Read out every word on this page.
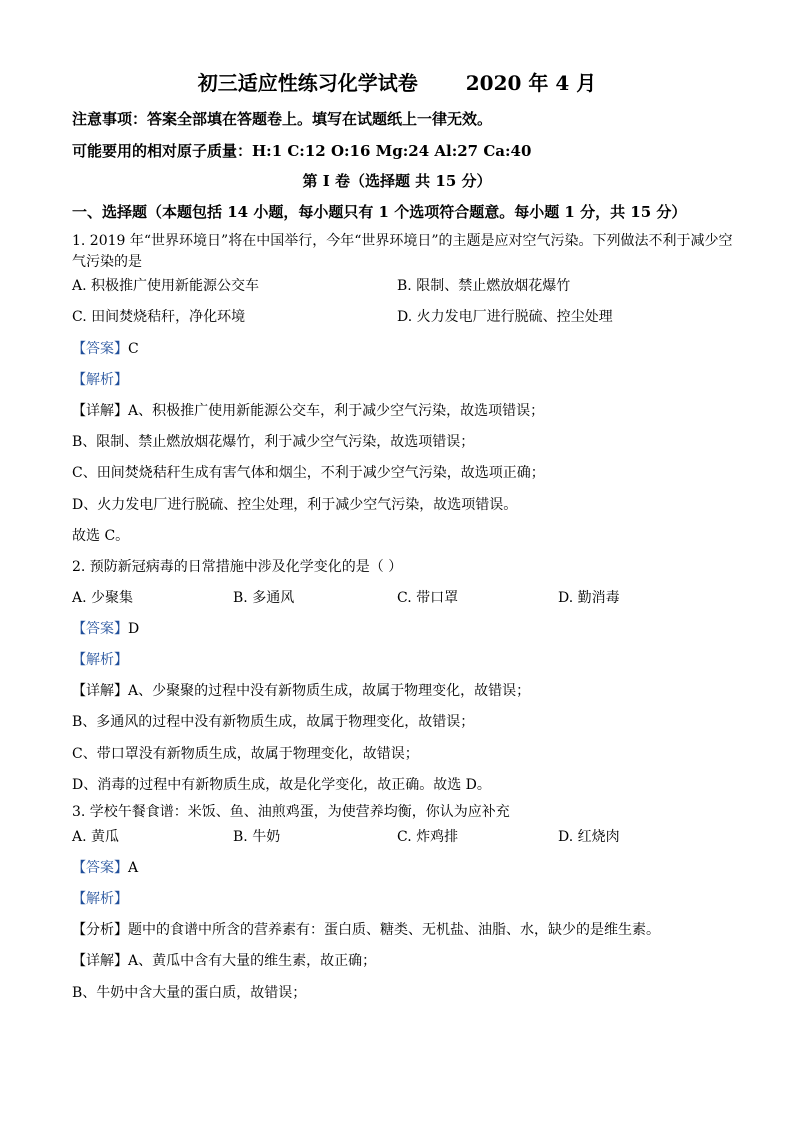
初三适应性练习化学试卷 2020 年 4 月
注意事项：答案全部填在答题卷上。填写在试题纸上一律无效。
可能要用的相对原子质量：H:1 C:12 O:16 Mg:24 Al:27 Ca:40
第 I 卷（选择题 共 15 分）
一、选择题（本题包括 14 小题，每小题只有 1 个选项符合题意。每小题 1 分，共 15 分）
1. 2019 年“世界环境日”将在中国举行，今年“世界环境日”的主题是应对空气污染。下列做法不利于减少空
气污染的是
A. 积极推广使用新能源公交车	B. 限制、禁止燃放烟花爆竹
C. 田间焚烧秸秆，净化环境	D. 火力发电厂进行脱硫、控尘处理
【答案】C
【解析】
【详解】A、积极推广使用新能源公交车，利于减少空气污染，故选项错误；
B、限制、禁止燃放烟花爆竹，利于减少空气污染，故选项错误；
C、田间焚烧秸秆生成有害气体和烟尘，不利于减少空气污染，故选项正确；
D、火力发电厂进行脱硫、控尘处理，利于减少空气污染，故选项错误。
故选 C。
2. 预防新冠病毒的日常措施中涉及化学变化的是（ ）
A. 少聚集	B. 多通风	C. 带口罩	D. 勤消毒
【答案】D
【解析】
【详解】A、少聚聚的过程中没有新物质生成，故属于物理变化，故错误；
B、多通风的过程中没有新物质生成，故属于物理变化，故错误；
C、带口罩没有新物质生成，故属于物理变化，故错误；
D、消毒的过程中有新物质生成，故是化学变化，故正确。故选 D。
3. 学校午餐食谱：米饭、鱼、油煎鸡蛋，为使营养均衡，你认为应补充
A. 黄瓜	B. 牛奶	C. 炸鸡排	D. 红烧肉
【答案】A
【解析】
【分析】题中的食谱中所含的营养素有：蛋白质、糖类、无机盐、油脂、水，缺少的是维生素。
【详解】A、黄瓜中含有大量的维生素，故正确；
B、牛奶中含大量的蛋白质，故错误；
